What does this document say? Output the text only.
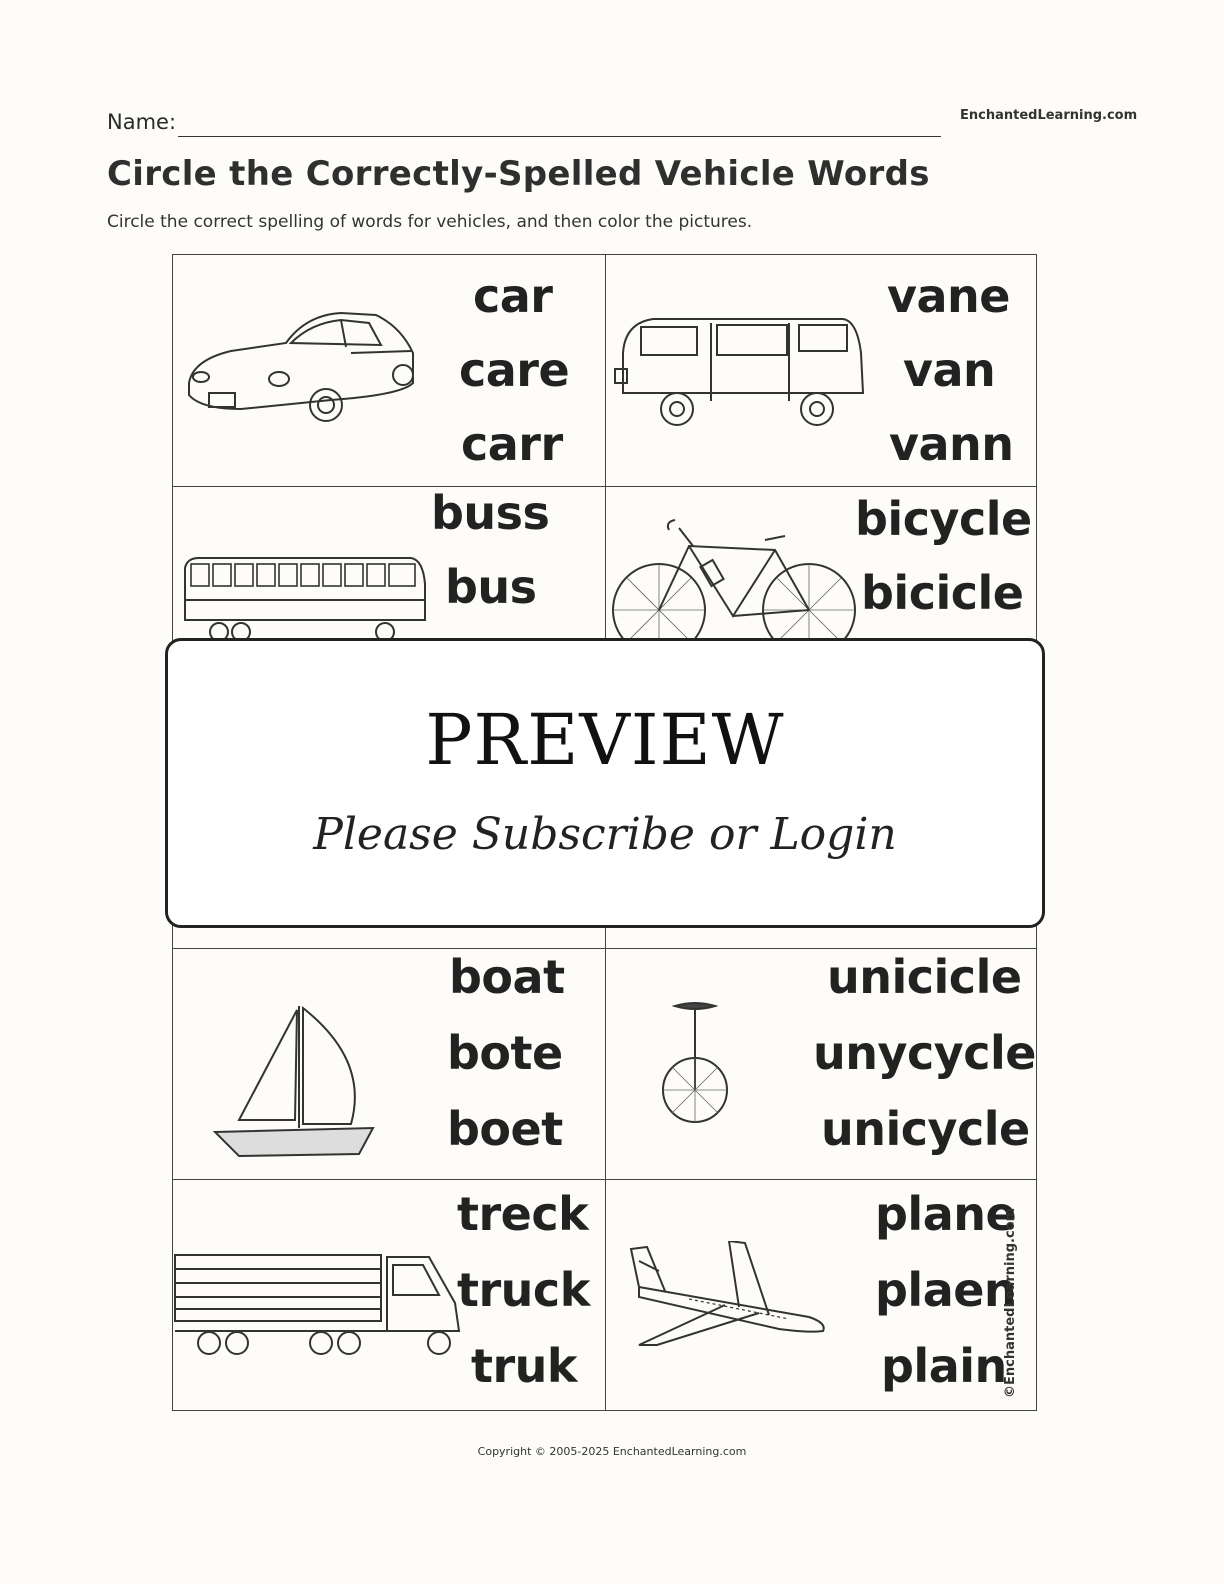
Name:	EnchantedLearning.com
Circle the Correctly-Spelled Vehicle Words
Circle the correct spelling of words for vehicles, and then color the pictures.
car
care
carr
vane
van
vann
buss
bus
bicycle
bicicle
boat
bote
boet
unicicle
unycycle
unicycle
treck
truck
truk
plane
plaen
plain
PREVIEW
Please Subscribe or Login
©EnchantedLearning.com
Copyright © 2005-2025 EnchantedLearning.com
